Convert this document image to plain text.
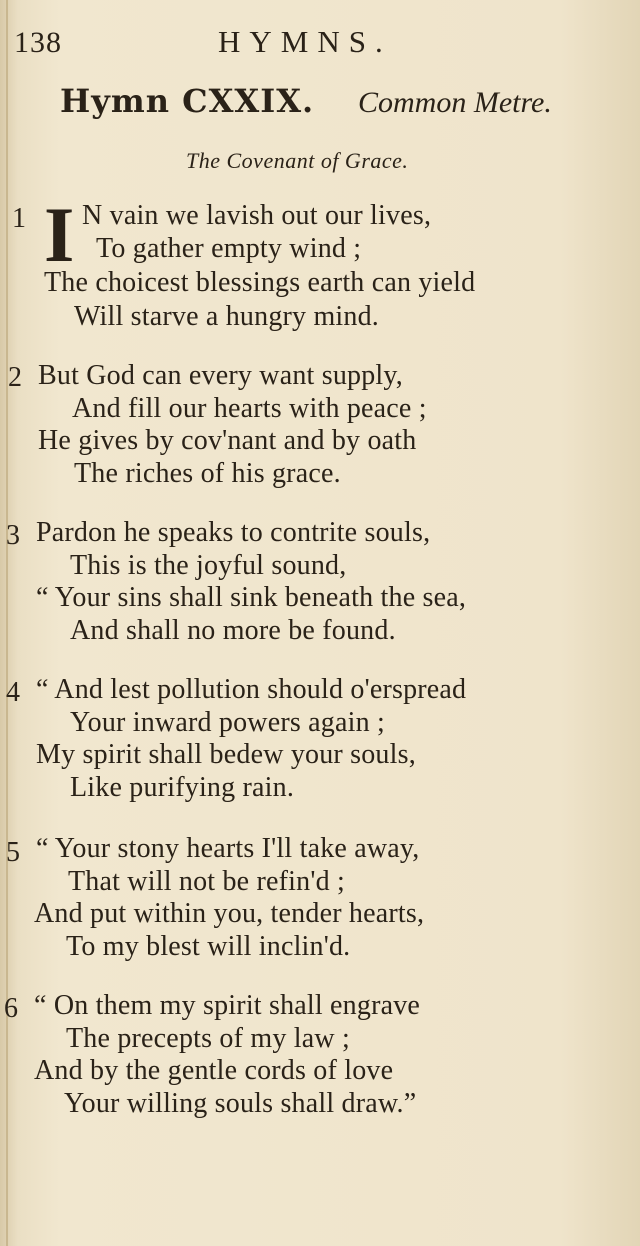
138	HYMNS.
Hymn CXXIX. Common Metre.
The Covenant of Grace.
I
1 N vain we lavish out our lives,
To gather empty wind ;
The choicest blessings earth can yield
Will starve a hungry mind.
2 But God can every want supply,
And fill our hearts with peace ;
He gives by cov'nant and by oath
The riches of his grace.
3 Pardon he speaks to contrite souls,
This is the joyful sound,
“ Your sins shall sink beneath the sea,
And shall no more be found.
4 “ And lest pollution should o'erspread
Your inward powers again ;
My spirit shall bedew your souls,
Like purifying rain.
5 “ Your stony hearts I'll take away,
That will not be refin'd ;
And put within you, tender hearts,
To my blest will inclin'd.
6 “ On them my spirit shall engrave
The precepts of my law ;
And by the gentle cords of love
Your willing souls shall draw.”
